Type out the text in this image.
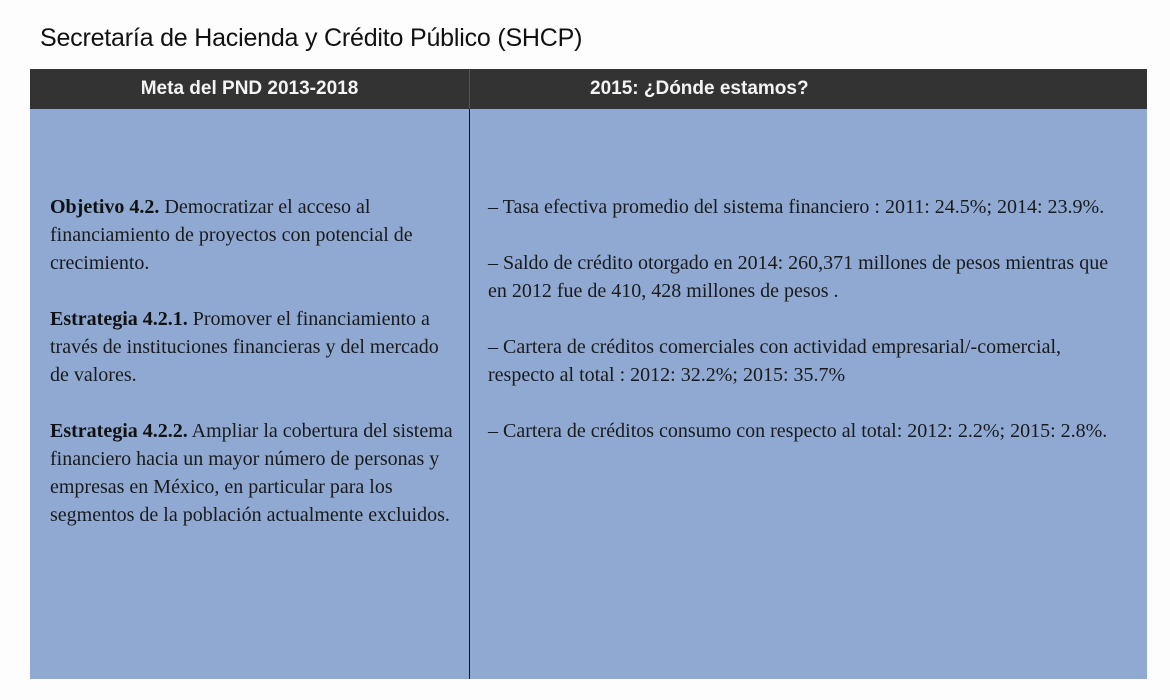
Secretaría de Hacienda y Crédito Público (SHCP)
Meta del PND 2013-2018	2015: ¿Dónde estamos?

Objetivo 4.2. Democratizar el acceso al financiamiento de proyectos con potencial de crecimiento.

Estrategia 4.2.1. Promover el financiamiento a través de instituciones financieras y del mercado de valores.

Estrategia 4.2.2. Ampliar la cobertura del sistema financiero hacia un mayor número de personas y empresas en México, en particular para los segmentos de la población actualmente excluidos.

– Tasa efectiva promedio del sistema financiero : 2011: 24.5%; 2014: 23.9%.

– Saldo de crédito otorgado en 2014: 260,371 millones de pesos mientras que en 2012 fue de 410, 428 millones de pesos .

– Cartera de créditos comerciales con actividad empresarial/-comercial, respecto al total : 2012: 32.2%; 2015: 35.7%

– Cartera de créditos consumo con respecto al total: 2012: 2.2%; 2015: 2.8%.
